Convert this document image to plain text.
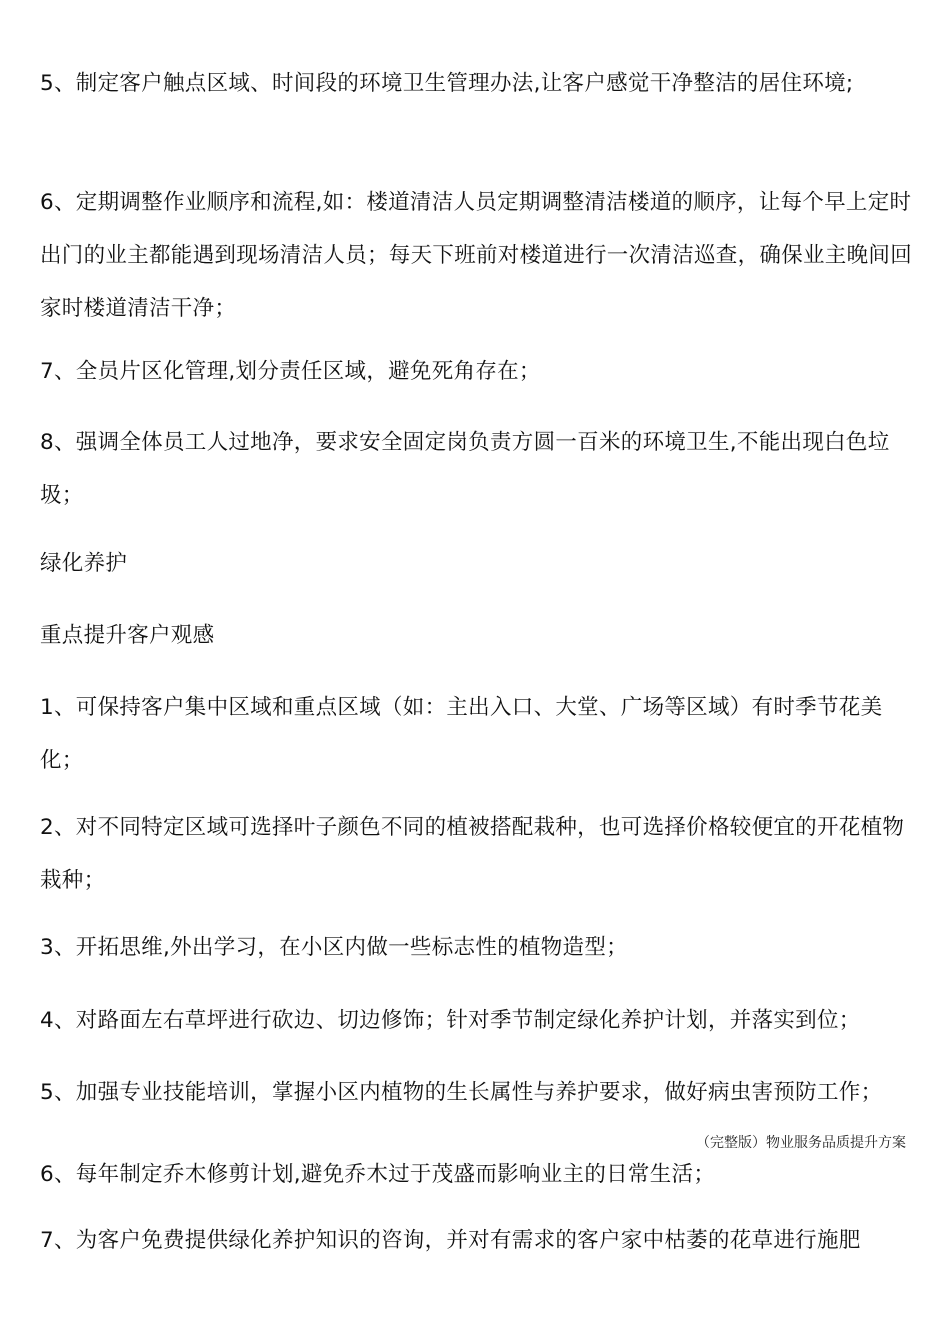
5、制定客户触点区域、时间段的环境卫生管理办法,让客户感觉干净整洁的居住环境;

6、定期调整作业顺序和流程,如：楼道清洁人员定期调整清洁楼道的顺序，让每个早上定时出门的业主都能遇到现场清洁人员；每天下班前对楼道进行一次清洁巡查，确保业主晚间回家时楼道清洁干净；

7、全员片区化管理,划分责任区域，避免死角存在；

8、强调全体员工人过地净，要求安全固定岗负责方圆一百米的环境卫生,不能出现白色垃圾；

绿化养护

重点提升客户观感

1、可保持客户集中区域和重点区域（如：主出入口、大堂、广场等区域）有时季节花美化；

2、对不同特定区域可选择叶子颜色不同的植被搭配栽种，也可选择价格较便宜的开花植物栽种；

3、开拓思维,外出学习，在小区内做一些标志性的植物造型；

4、对路面左右草坪进行砍边、切边修饰；针对季节制定绿化养护计划，并落实到位；

5、加强专业技能培训，掌握小区内植物的生长属性与养护要求，做好病虫害预防工作；

（完整版）物业服务品质提升方案

6、每年制定乔木修剪计划,避免乔木过于茂盛而影响业主的日常生活；

7、为客户免费提供绿化养护知识的咨询，并对有需求的客户家中枯萎的花草进行施肥
